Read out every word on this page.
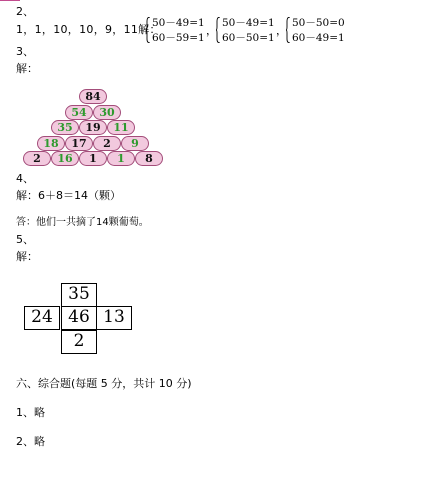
2、
1，1，10，10，9，11解：
50－49=1
60－59=1
，
50－49=1
60－50=1
，
50－50=0
60－49=1
3、
解：
84
54	30
35	19	11
18	17	2	9
2	16	1	1	8
4、
解：6＋8＝14（颗）
答：他们一共摘了14颗葡萄。
5、
解：
35
24 46 13
2
六、综合题(每题 5 分，共计 10 分)
1、略
2、略
